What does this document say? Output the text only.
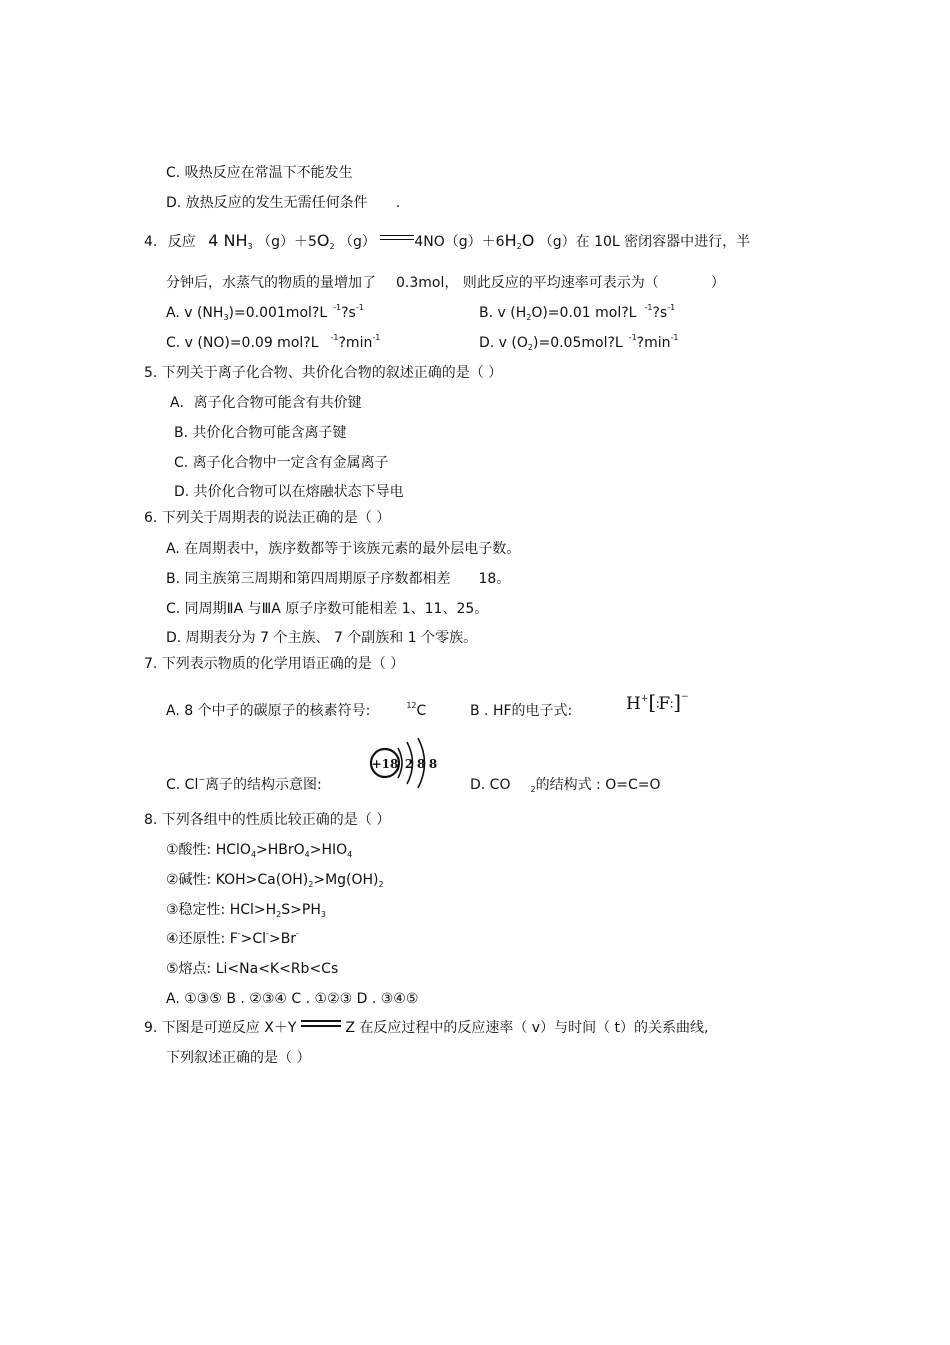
C. 吸热反应在常温下不能发生
D. 放热反应的发生无需任何条件 .
4. 反应 4 $NH_3$ $(g)+5O_2$ （g）	$4NO(g)+6H_2O$ （g）在 10L 密闭容器中进行，半
分钟后，水蒸气的物质的量增加了 0.3mol， 则此反应的平均速率可表示为（	）
A. v $(NH_3)=0.001mol?L$ $^{-1}?s^{-1}$	B. v $(H_2O)=0.01$ mol?L $^{-1}?s^{-1}$
C. v (NO)=0.09 mol?L $^{-1}?\min^{-1}$	D. v $(O_2)=0.05mol?L$ $^{-1}?\min^{-1}$
5. 下列关于离子化合物、共价化合物的叙述正确的是（ ）
A．离子化合物可能含有共价键
B. 共价化合物可能含离子键
C. 离子化合物中一定含有金属离子
D. 共价化合物可以在熔融状态下导电
6. 下列关于周期表的说法正确的是（ ）
A. 在周期表中，族序数都等于该族元素的最外层电子数。
B. 同主族第三周期和第四周期原子序数都相差 18。
C. 同周期ⅡA 与ⅢA 原子序数可能相差 1、11、25。
D. 周期表分为 7 个主族、 7 个副族和 1 个零族。
7. 下列表示物质的化学用语正确的是（ ）
A. 8 个中子的碳原子的核素符号:	$^{12}$C	B . HF的电子式:	H+[∶F∶]−
C. Cl−离子的结构示意图:
+18 2 8 8
D. CO	$_2$的结构式 : O=C=O
8. 下列各组中的性质比较正确的是（ ）
①酸性: $HClO_4>HBrO_4>HIO_4$
②碱性: $KOH>Ca(OH)_2>Mg(OH)_2$
③稳定性: $HCl>H_2S>PH_3$
④还原性: F->Cl->Br-
⑤熔点: Li<Na<K<Rb<Cs
A. ①③⑤ B . ②③④ C . ①②③ D . ③④⑤
9. 下图是可逆反应 X＋Y	Z 在反应过程中的反应速率（ v）与时间（ t）的关系曲线,
下列叙述正确的是（ ）
